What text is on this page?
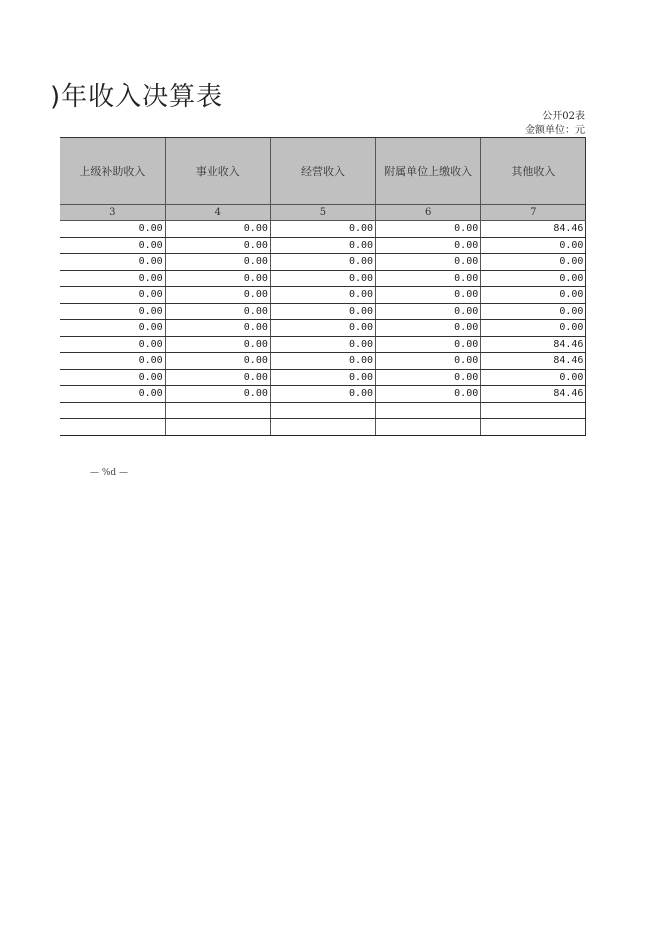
)年收入决算表
公开02表
金额单位：元
上级补助收入	事业收入	经营收入	附属单位上缴收入	其他收入
3	4	5	6	7
0.00	0.00	0.00	0.00	84.46
0.00	0.00	0.00	0.00	0.00
0.00	0.00	0.00	0.00	0.00
0.00	0.00	0.00	0.00	0.00
0.00	0.00	0.00	0.00	0.00
0.00	0.00	0.00	0.00	0.00
0.00	0.00	0.00	0.00	0.00
0.00	0.00	0.00	0.00	84.46
0.00	0.00	0.00	0.00	84.46
0.00	0.00	0.00	0.00	0.00
0.00	0.00	0.00	0.00	84.46

— %d —
